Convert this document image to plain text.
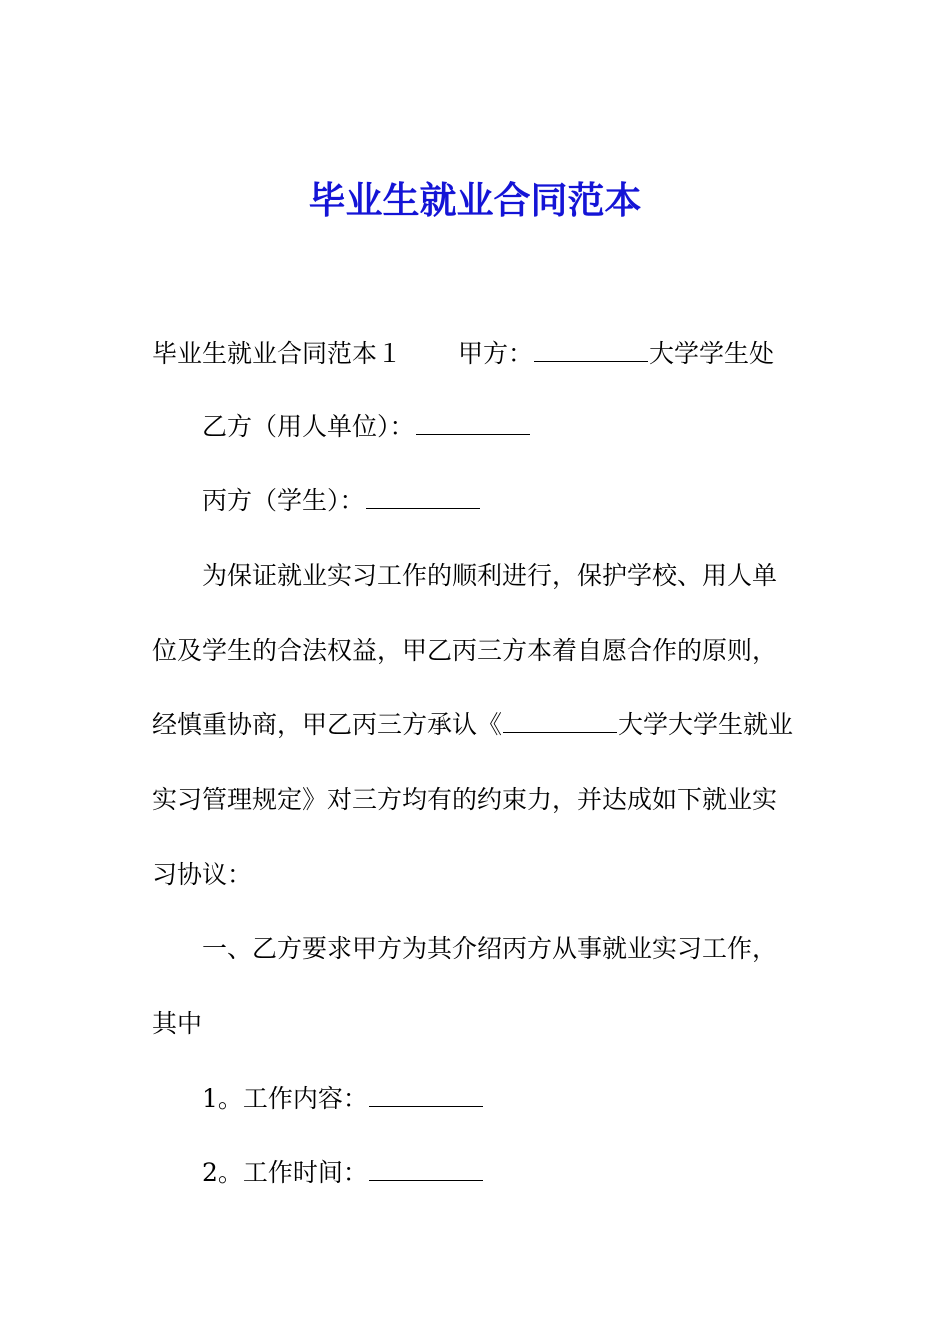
毕业生就业合同范本
毕业生就业合同范本１ 甲方：	大学学生处
乙方（用人单位）：
丙方（学生）：
为保证就业实习工作的顺利进行，保护学校、用人单
位及学生的合法权益，甲乙丙三方本着自愿合作的原则，
经慎重协商，甲乙丙三方承认《	大学大学生就业
实习管理规定》对三方均有的约束力，并达成如下就业实
习协议：
一、乙方要求甲方为其介绍丙方从事就业实习工作，
其中
1。工作内容：
2。工作时间：
